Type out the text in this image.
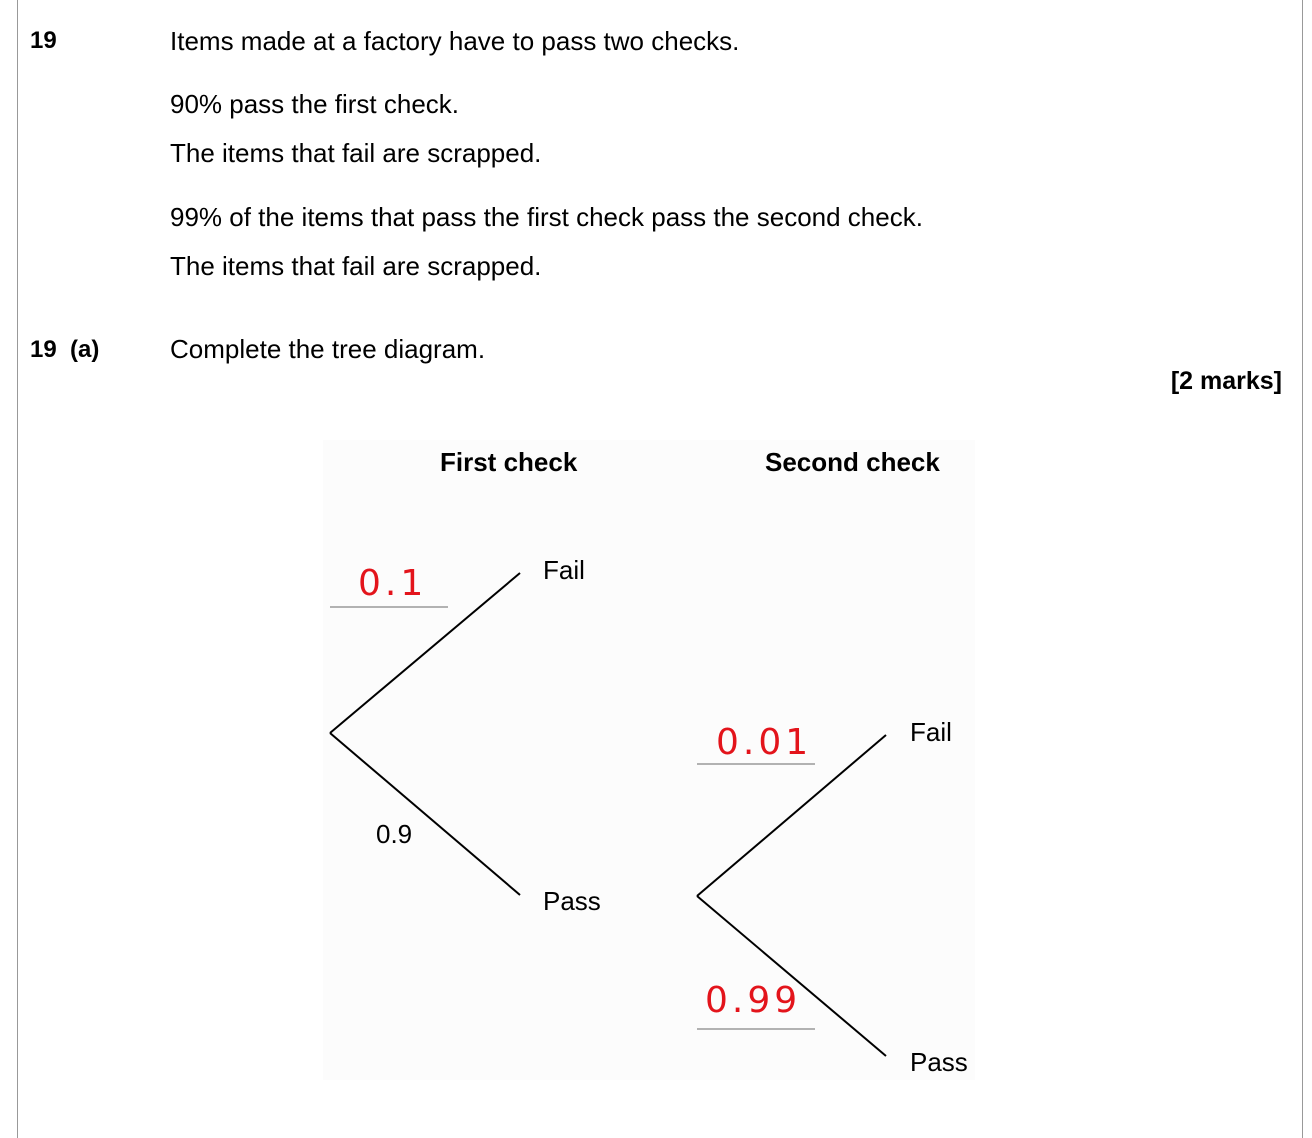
19	Items made at a factory have to pass two checks.
90% pass the first check.
The items that fail are scrapped.
99% of the items that pass the first check pass the second check.
The items that fail are scrapped.
19  (a)	Complete the tree diagram.
[2 marks]
First check	Second check
Fail
Pass
0.9
Fail
Pass
0.1
0.01
0.99
